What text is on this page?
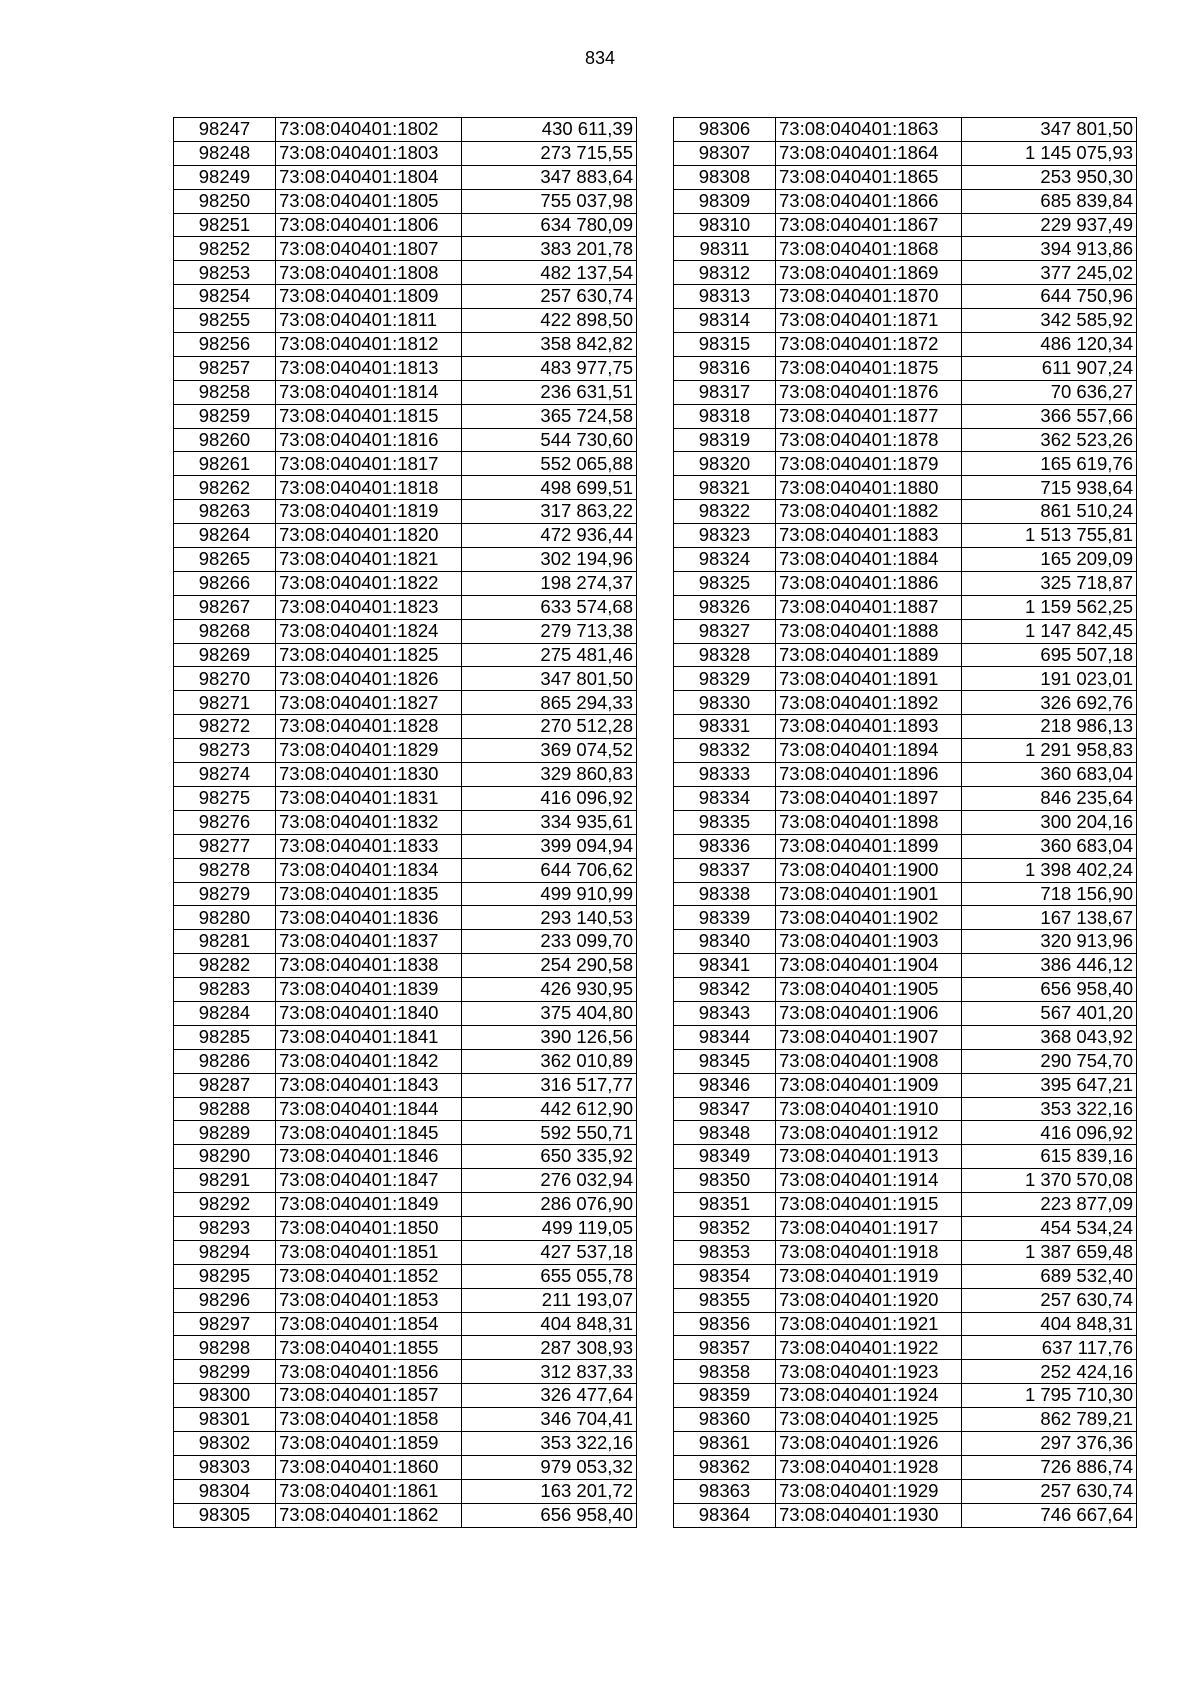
834
98247	73:08:040401:1802	430 611,39
98248	73:08:040401:1803	273 715,55
98249	73:08:040401:1804	347 883,64
98250	73:08:040401:1805	755 037,98
98251	73:08:040401:1806	634 780,09
98252	73:08:040401:1807	383 201,78
98253	73:08:040401:1808	482 137,54
98254	73:08:040401:1809	257 630,74
98255	73:08:040401:1811	422 898,50
98256	73:08:040401:1812	358 842,82
98257	73:08:040401:1813	483 977,75
98258	73:08:040401:1814	236 631,51
98259	73:08:040401:1815	365 724,58
98260	73:08:040401:1816	544 730,60
98261	73:08:040401:1817	552 065,88
98262	73:08:040401:1818	498 699,51
98263	73:08:040401:1819	317 863,22
98264	73:08:040401:1820	472 936,44
98265	73:08:040401:1821	302 194,96
98266	73:08:040401:1822	198 274,37
98267	73:08:040401:1823	633 574,68
98268	73:08:040401:1824	279 713,38
98269	73:08:040401:1825	275 481,46
98270	73:08:040401:1826	347 801,50
98271	73:08:040401:1827	865 294,33
98272	73:08:040401:1828	270 512,28
98273	73:08:040401:1829	369 074,52
98274	73:08:040401:1830	329 860,83
98275	73:08:040401:1831	416 096,92
98276	73:08:040401:1832	334 935,61
98277	73:08:040401:1833	399 094,94
98278	73:08:040401:1834	644 706,62
98279	73:08:040401:1835	499 910,99
98280	73:08:040401:1836	293 140,53
98281	73:08:040401:1837	233 099,70
98282	73:08:040401:1838	254 290,58
98283	73:08:040401:1839	426 930,95
98284	73:08:040401:1840	375 404,80
98285	73:08:040401:1841	390 126,56
98286	73:08:040401:1842	362 010,89
98287	73:08:040401:1843	316 517,77
98288	73:08:040401:1844	442 612,90
98289	73:08:040401:1845	592 550,71
98290	73:08:040401:1846	650 335,92
98291	73:08:040401:1847	276 032,94
98292	73:08:040401:1849	286 076,90
98293	73:08:040401:1850	499 119,05
98294	73:08:040401:1851	427 537,18
98295	73:08:040401:1852	655 055,78
98296	73:08:040401:1853	211 193,07
98297	73:08:040401:1854	404 848,31
98298	73:08:040401:1855	287 308,93
98299	73:08:040401:1856	312 837,33
98300	73:08:040401:1857	326 477,64
98301	73:08:040401:1858	346 704,41
98302	73:08:040401:1859	353 322,16
98303	73:08:040401:1860	979 053,32
98304	73:08:040401:1861	163 201,72
98305	73:08:040401:1862	656 958,40
98306	73:08:040401:1863	347 801,50
98307	73:08:040401:1864	1 145 075,93
98308	73:08:040401:1865	253 950,30
98309	73:08:040401:1866	685 839,84
98310	73:08:040401:1867	229 937,49
98311	73:08:040401:1868	394 913,86
98312	73:08:040401:1869	377 245,02
98313	73:08:040401:1870	644 750,96
98314	73:08:040401:1871	342 585,92
98315	73:08:040401:1872	486 120,34
98316	73:08:040401:1875	611 907,24
98317	73:08:040401:1876	70 636,27
98318	73:08:040401:1877	366 557,66
98319	73:08:040401:1878	362 523,26
98320	73:08:040401:1879	165 619,76
98321	73:08:040401:1880	715 938,64
98322	73:08:040401:1882	861 510,24
98323	73:08:040401:1883	1 513 755,81
98324	73:08:040401:1884	165 209,09
98325	73:08:040401:1886	325 718,87
98326	73:08:040401:1887	1 159 562,25
98327	73:08:040401:1888	1 147 842,45
98328	73:08:040401:1889	695 507,18
98329	73:08:040401:1891	191 023,01
98330	73:08:040401:1892	326 692,76
98331	73:08:040401:1893	218 986,13
98332	73:08:040401:1894	1 291 958,83
98333	73:08:040401:1896	360 683,04
98334	73:08:040401:1897	846 235,64
98335	73:08:040401:1898	300 204,16
98336	73:08:040401:1899	360 683,04
98337	73:08:040401:1900	1 398 402,24
98338	73:08:040401:1901	718 156,90
98339	73:08:040401:1902	167 138,67
98340	73:08:040401:1903	320 913,96
98341	73:08:040401:1904	386 446,12
98342	73:08:040401:1905	656 958,40
98343	73:08:040401:1906	567 401,20
98344	73:08:040401:1907	368 043,92
98345	73:08:040401:1908	290 754,70
98346	73:08:040401:1909	395 647,21
98347	73:08:040401:1910	353 322,16
98348	73:08:040401:1912	416 096,92
98349	73:08:040401:1913	615 839,16
98350	73:08:040401:1914	1 370 570,08
98351	73:08:040401:1915	223 877,09
98352	73:08:040401:1917	454 534,24
98353	73:08:040401:1918	1 387 659,48
98354	73:08:040401:1919	689 532,40
98355	73:08:040401:1920	257 630,74
98356	73:08:040401:1921	404 848,31
98357	73:08:040401:1922	637 117,76
98358	73:08:040401:1923	252 424,16
98359	73:08:040401:1924	1 795 710,30
98360	73:08:040401:1925	862 789,21
98361	73:08:040401:1926	297 376,36
98362	73:08:040401:1928	726 886,74
98363	73:08:040401:1929	257 630,74
98364	73:08:040401:1930	746 667,64
